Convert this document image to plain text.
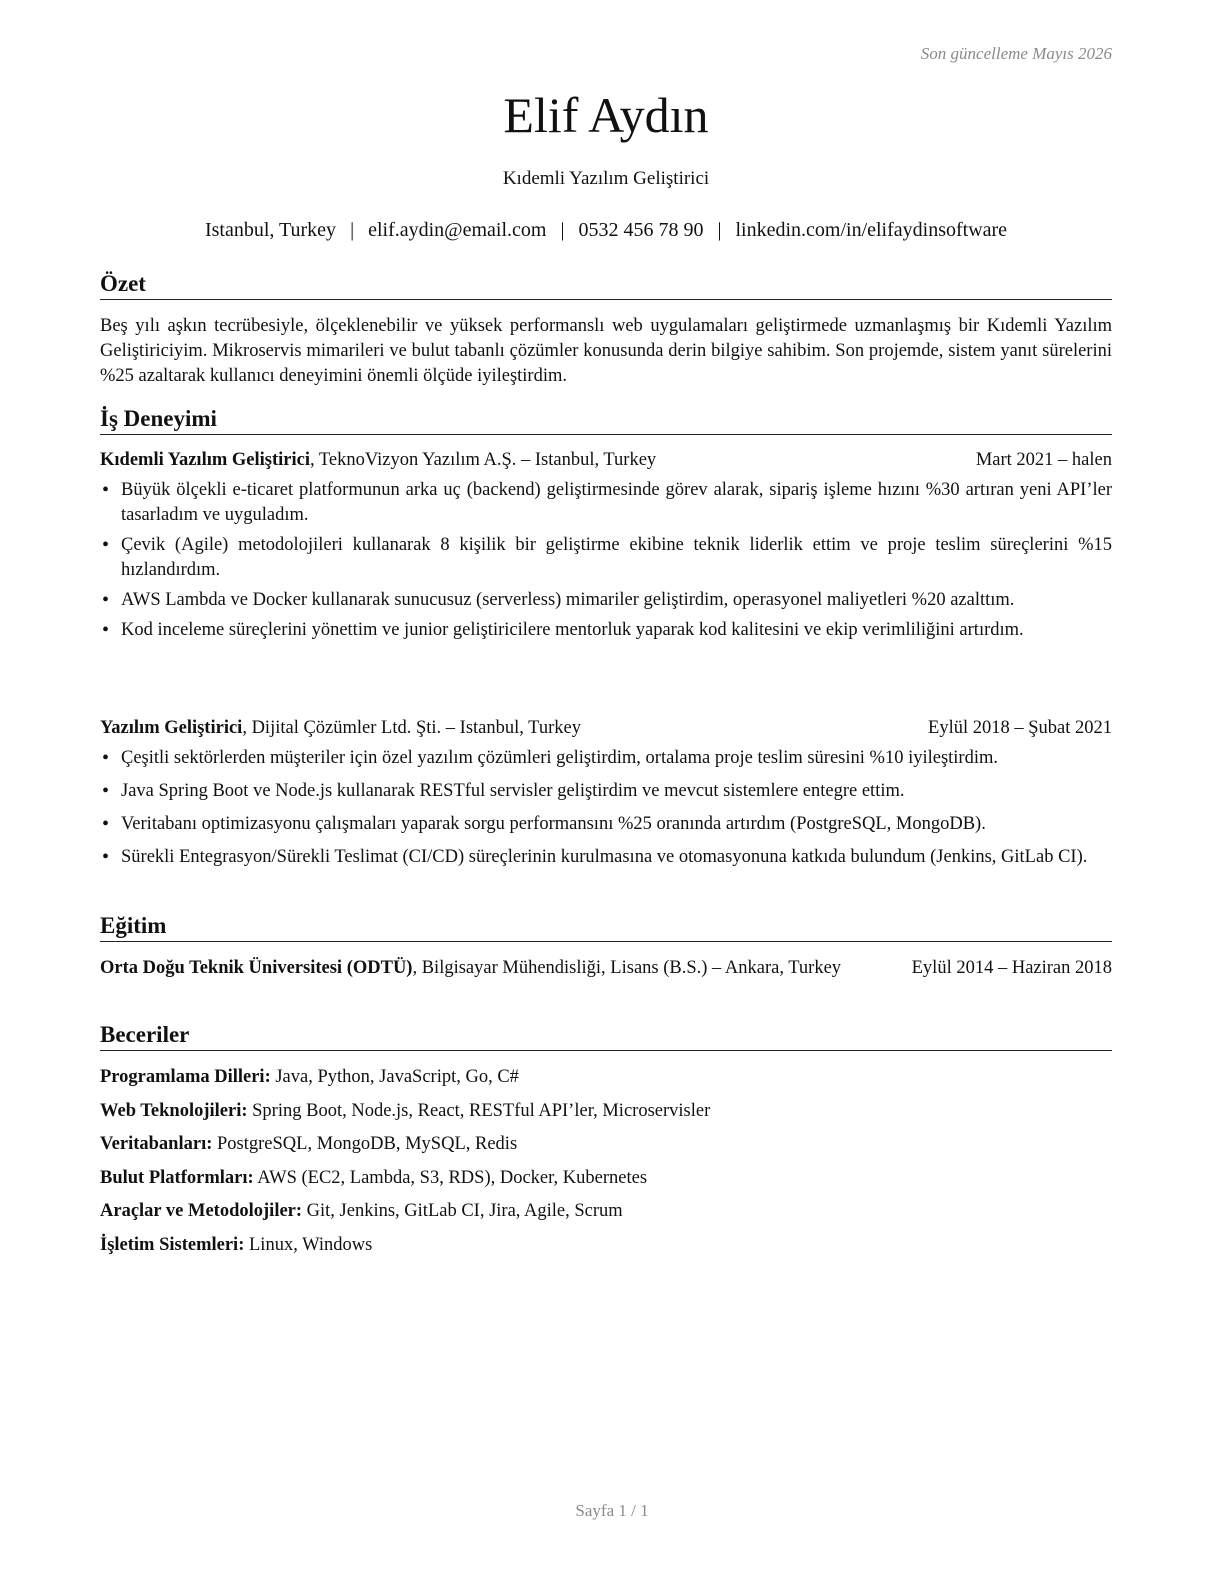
Son güncelleme Mayıs 2026
Elif Aydın
Kıdemli Yazılım Geliştirici
Istanbul, Turkey | elif.aydin@email.com | 0532 456 78 90 | linkedin.com/in/elifaydinsoftware
Özet
Beş yılı aşkın tecrübesiyle, ölçeklenebilir ve yüksek performanslı web uygulamaları geliştirmede uzmanlaşmış bir Kıdemli Yazılım Geliştiriciyim. Mikroservis mimarileri ve bulut tabanlı çözümler konusunda derin bilgiye sahibim. Son projemde, sistem yanıt sürelerini %25 azaltarak kullanıcı deneyimini önemli ölçüde iyileştirdim.
İş Deneyimi
Kıdemli Yazılım Geliştirici, TeknoVizyon Yazılım A.Ş. – Istanbul, Turkey	Mart 2021 – halen
• Büyük ölçekli e-ticaret platformunun arka uç (backend) geliştirmesinde görev alarak, sipariş işleme hızını %30 artıran yeni API’ler tasarladım ve uyguladım.
• Çevik (Agile) metodolojileri kullanarak 8 kişilik bir geliştirme ekibine teknik liderlik ettim ve proje teslim süreçlerini %15 hızlandırdım.
• AWS Lambda ve Docker kullanarak sunucusuz (serverless) mimariler geliştirdim, operasyonel maliyetleri %20 azalttım.
• Kod inceleme süreçlerini yönettim ve junior geliştiricilere mentorluk yaparak kod kalitesini ve ekip verimliliğini artırdım.
Yazılım Geliştirici, Dijital Çözümler Ltd. Şti. – Istanbul, Turkey	Eylül 2018 – Şubat 2021
• Çeşitli sektörlerden müşteriler için özel yazılım çözümleri geliştirdim, ortalama proje teslim süresini %10 iyileştirdim.
• Java Spring Boot ve Node.js kullanarak RESTful servisler geliştirdim ve mevcut sistemlere entegre ettim.
• Veritabanı optimizasyonu çalışmaları yaparak sorgu performansını %25 oranında artırdım (PostgreSQL, MongoDB).
• Sürekli Entegrasyon/Sürekli Teslimat (CI/CD) süreçlerinin kurulmasına ve otomasyonuna katkıda bulundum (Jenkins, GitLab CI).
Eğitim
Orta Doğu Teknik Üniversitesi (ODTÜ), Bilgisayar Mühendisliği, Lisans (B.S.) – Ankara, Turkey	Eylül 2014 – Haziran 2018
Beceriler
Programlama Dilleri: Java, Python, JavaScript, Go, C#
Web Teknolojileri: Spring Boot, Node.js, React, RESTful API’ler, Microservisler
Veritabanları: PostgreSQL, MongoDB, MySQL, Redis
Bulut Platformları: AWS (EC2, Lambda, S3, RDS), Docker, Kubernetes
Araçlar ve Metodolojiler: Git, Jenkins, GitLab CI, Jira, Agile, Scrum
İşletim Sistemleri: Linux, Windows
Sayfa 1 / 1
